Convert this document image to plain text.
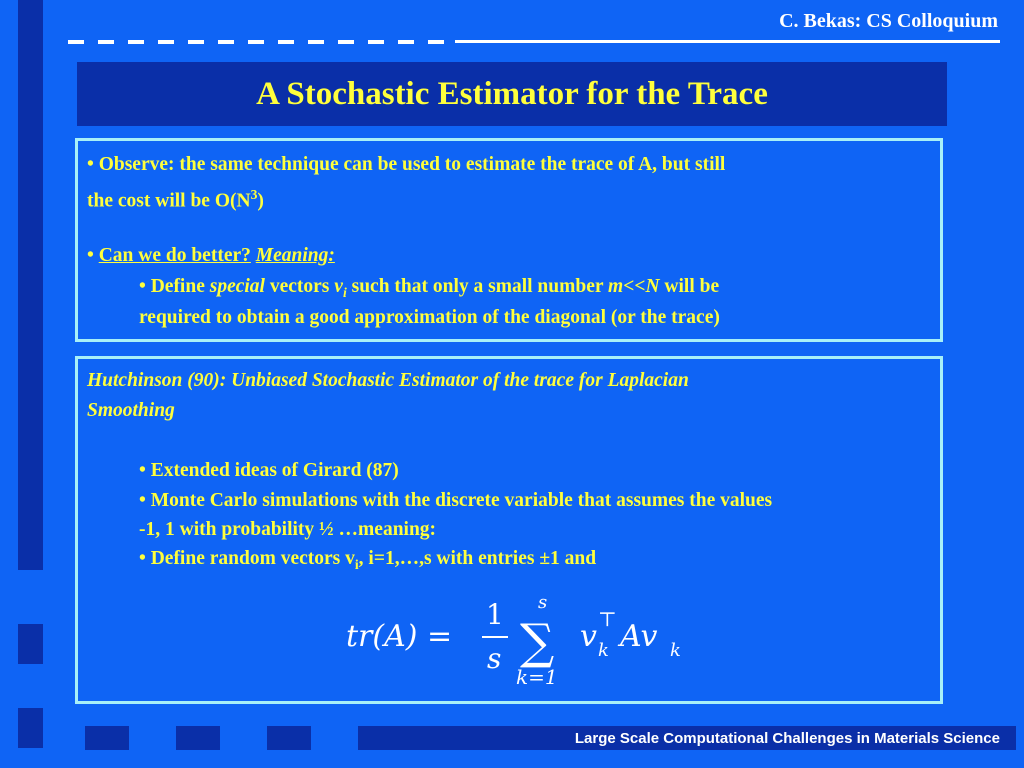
C. Bekas: CS Colloquium
A Stochastic Estimator for the Trace
• Observe: the same technique can be used to estimate the trace of A, but still
the cost will be $O(N^3)$
• Can we do better? Meaning:
• Define special vectors $v_i$ such that only a small number m<<N will be
required to obtain a good approximation of the diagonal (or the trace)
Hutchinson (90): Unbiased Stochastic Estimator of the trace for Laplacian
Smoothing
• Extended ideas of Girard (87)
• Monte Carlo simulations with the discrete variable that assumes the values
-1, 1 with probability ½ …meaning:
• Define random vectors $v_i$, i=1,…,s with entries ±1 and
tr(A) =
1
s
s
∑
k=1
v k
⊤ Av k
Large Scale Computational Challenges in Materials Science
